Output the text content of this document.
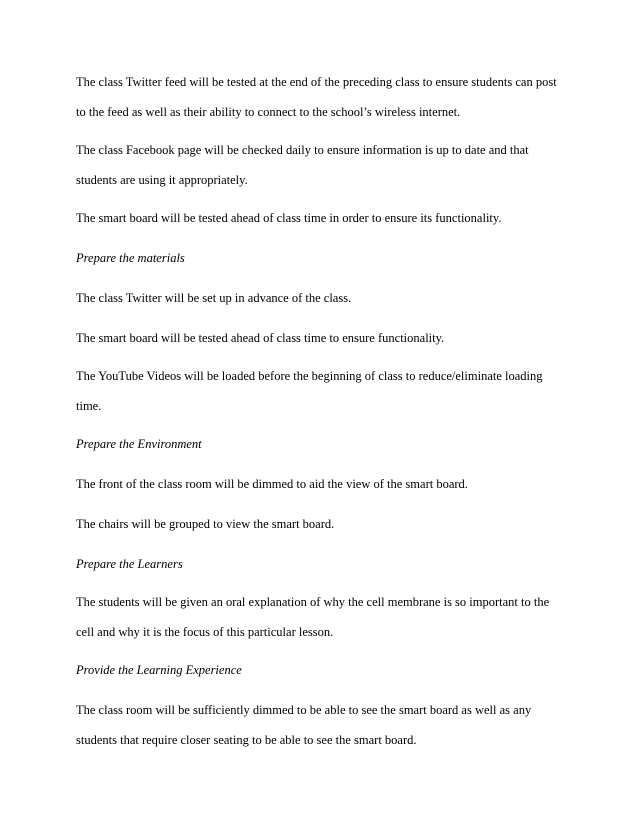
The class Twitter feed will be tested at the end of the preceding class to ensure students can post
to the feed as well as their ability to connect to the school’s wireless internet.
The class Facebook page will be checked daily to ensure information is up to date and that
students are using it appropriately.
The smart board will be tested ahead of class time in order to ensure its functionality.
Prepare the materials
The class Twitter will be set up in advance of the class.
The smart board will be tested ahead of class time to ensure functionality.
The YouTube Videos will be loaded before the beginning of class to reduce/eliminate loading
time.
Prepare the Environment
The front of the class room will be dimmed to aid the view of the smart board.
The chairs will be grouped to view the smart board.
Prepare the Learners
The students will be given an oral explanation of why the cell membrane is so important to the
cell and why it is the focus of this particular lesson.
Provide the Learning Experience
The class room will be sufficiently dimmed to be able to see the smart board as well as any
students that require closer seating to be able to see the smart board.
